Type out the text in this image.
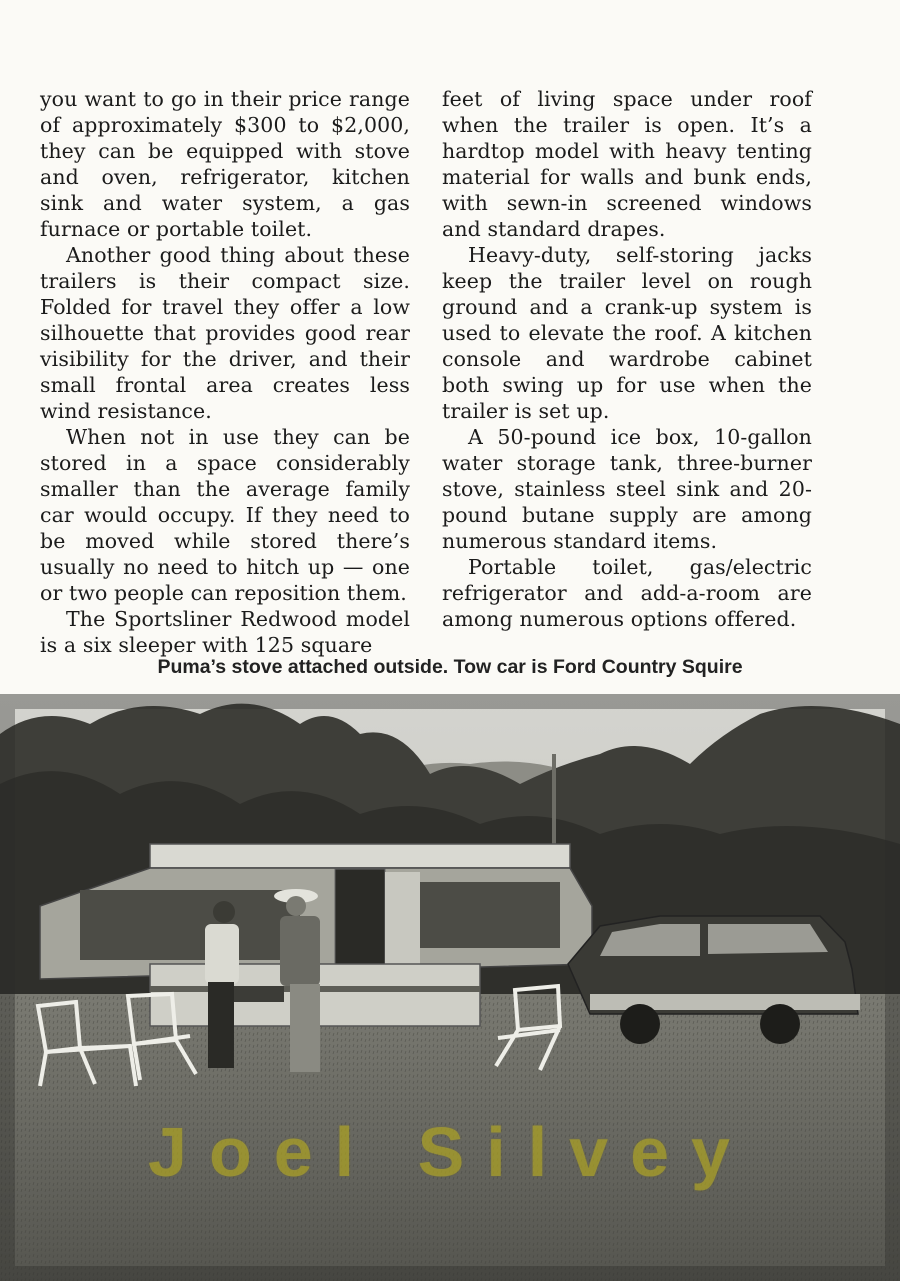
you want to go in their price range of approximately $300 to $2,000, they can be equipped with stove and oven, refrigerator, kitchen sink and water system, a gas furnace or portable toilet.

Another good thing about these trailers is their compact size. Folded for travel they offer a low silhouette that provides good rear visibility for the driver, and their small frontal area creates less wind resistance.

When not in use they can be stored in a space considerably smaller than the average family car would occupy. If they need to be moved while stored there’s usually no need to hitch up — one or two people can reposition them.

The Sportsliner Redwood model is a six sleeper with 125 square

feet of living space under roof when the trailer is open. It’s a hardtop model with heavy tenting material for walls and bunk ends, with sewn-in screened windows and standard drapes.

Heavy-duty, self-storing jacks keep the trailer level on rough ground and a crank-up system is used to elevate the roof. A kitchen console and wardrobe cabinet both swing up for use when the trailer is set up.

A 50-pound ice box, 10-gallon water storage tank, three-burner stove, stainless steel sink and 20-pound butane supply are among numerous standard items.

Portable toilet, gas/electric refrigerator and add-a-room are among numerous options offered.

Puma’s stove attached outside. Tow car is Ford Country Squire
Joel Silvey
